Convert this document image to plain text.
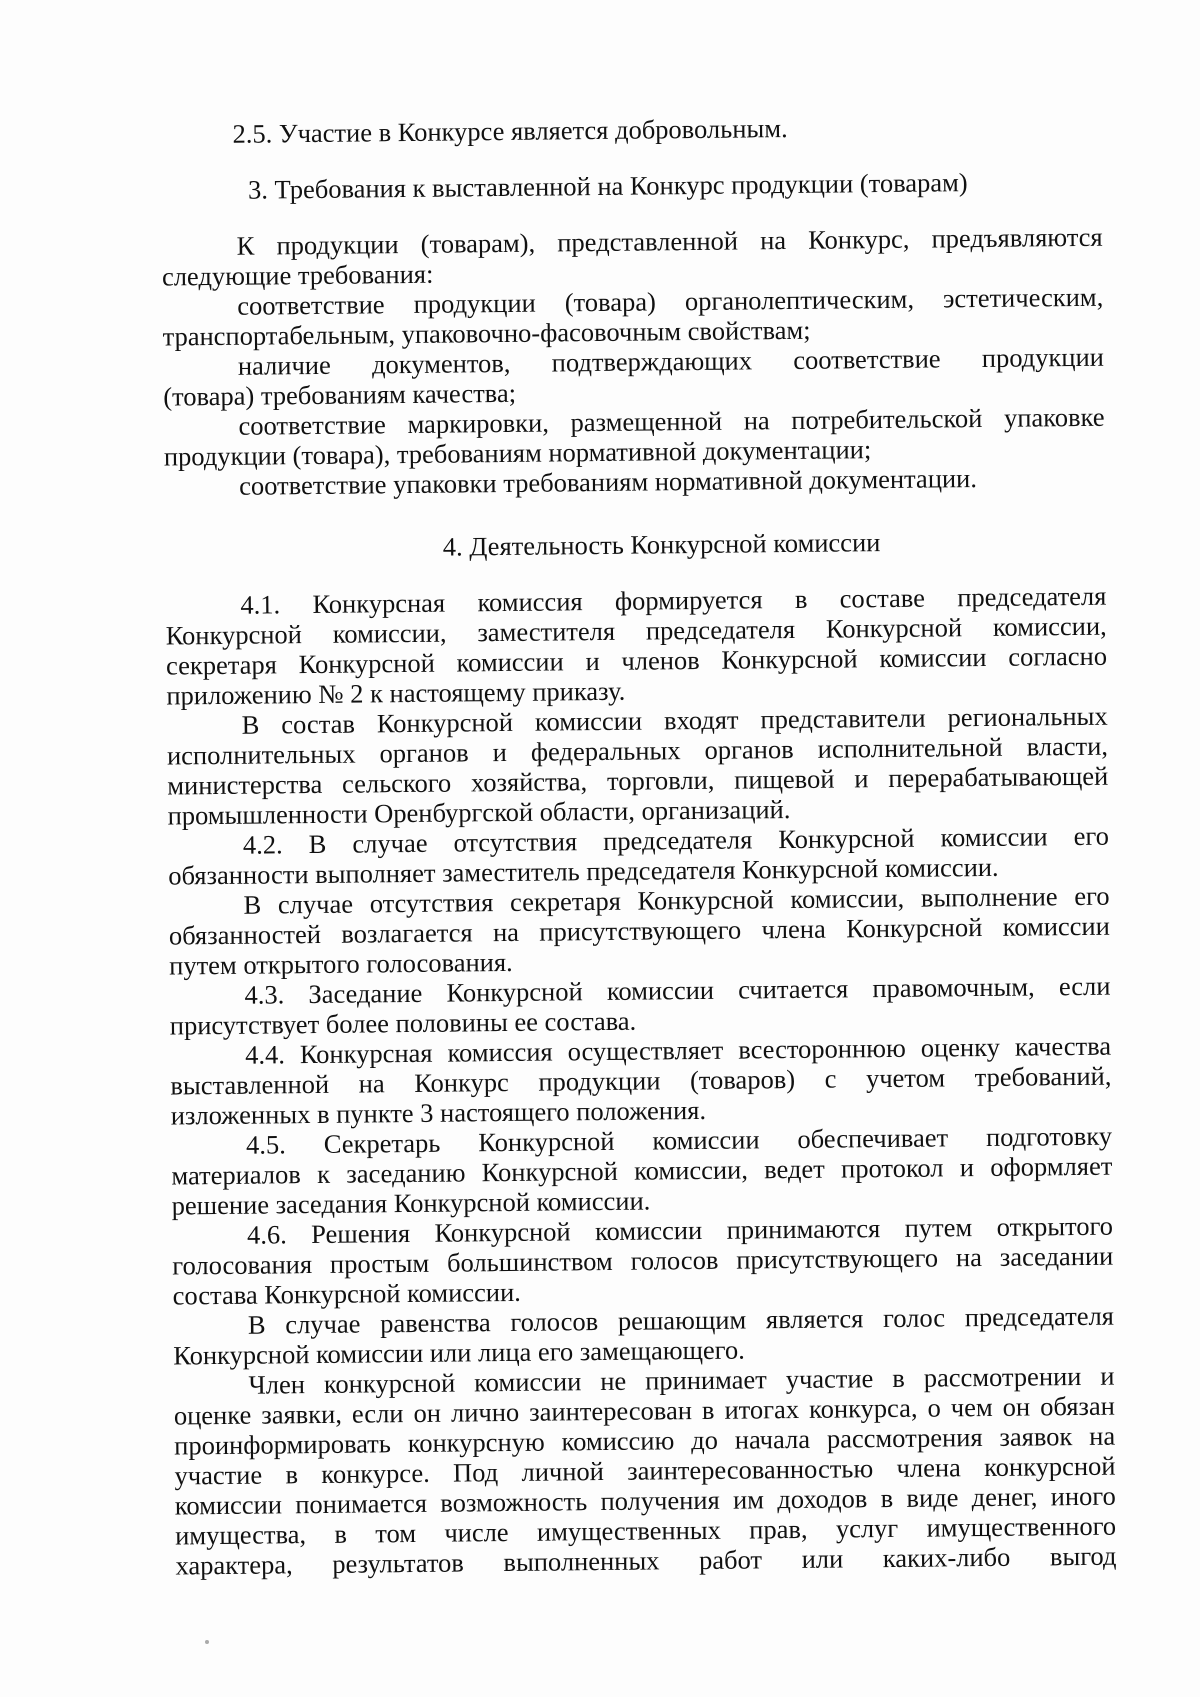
2.5. Участие в Конкурсе является добровольным.

3. Требования к выставленной на Конкурс продукции (товарам)

К продукции (товарам), представленной на Конкурс, предъявляются

следующие требования:

соответствие продукции (товара) органолептическим, эстетическим,

транспортабельным, упаковочно-фасовочным свойствам;

наличие документов, подтверждающих соответствие продукции

(товара) требованиям качества;

соответствие маркировки, размещенной на потребительской упаковке

продукции (товара), требованиям нормативной документации;

соответствие упаковки требованиям нормативной документации.

4. Деятельность Конкурсной комиссии

4.1. Конкурсная комиссия формируется в составе председателя

Конкурсной комиссии, заместителя председателя Конкурсной комиссии,

секретаря Конкурсной комиссии и членов Конкурсной комиссии согласно

приложению № 2 к настоящему приказу.

В состав Конкурсной комиссии входят представители региональных

исполнительных органов и федеральных органов исполнительной власти,

министерства сельского хозяйства, торговли, пищевой и перерабатывающей

промышленности Оренбургской области, организаций.

4.2. В случае отсутствия председателя Конкурсной комиссии его

обязанности выполняет заместитель председателя Конкурсной комиссии.

В случае отсутствия секретаря Конкурсной комиссии, выполнение его

обязанностей возлагается на присутствующего члена Конкурсной комиссии

путем открытого голосования.

4.3. Заседание Конкурсной комиссии считается правомочным, если

присутствует более половины ее состава.

4.4. Конкурсная комиссия осуществляет всестороннюю оценку качества

выставленной на Конкурс продукции (товаров) с учетом требований,

изложенных в пункте 3 настоящего положения.

4.5. Секретарь Конкурсной комиссии обеспечивает подготовку

материалов к заседанию Конкурсной комиссии, ведет протокол и оформляет

решение заседания Конкурсной комиссии.

4.6. Решения Конкурсной комиссии принимаются путем открытого

голосования простым большинством голосов присутствующего на заседании

состава Конкурсной комиссии.

В случае равенства голосов решающим является голос председателя

Конкурсной комиссии или лица его замещающего.

Член конкурсной комиссии не принимает участие в рассмотрении и

оценке заявки, если он лично заинтересован в итогах конкурса, о чем он обязан

проинформировать конкурсную комиссию до начала рассмотрения заявок на

участие в конкурсе. Под личной заинтересованностью члена конкурсной

комиссии понимается возможность получения им доходов в виде денег, иного

имущества, в том числе имущественных прав, услуг имущественного

характера, результатов выполненных работ или каких-либо выгод
